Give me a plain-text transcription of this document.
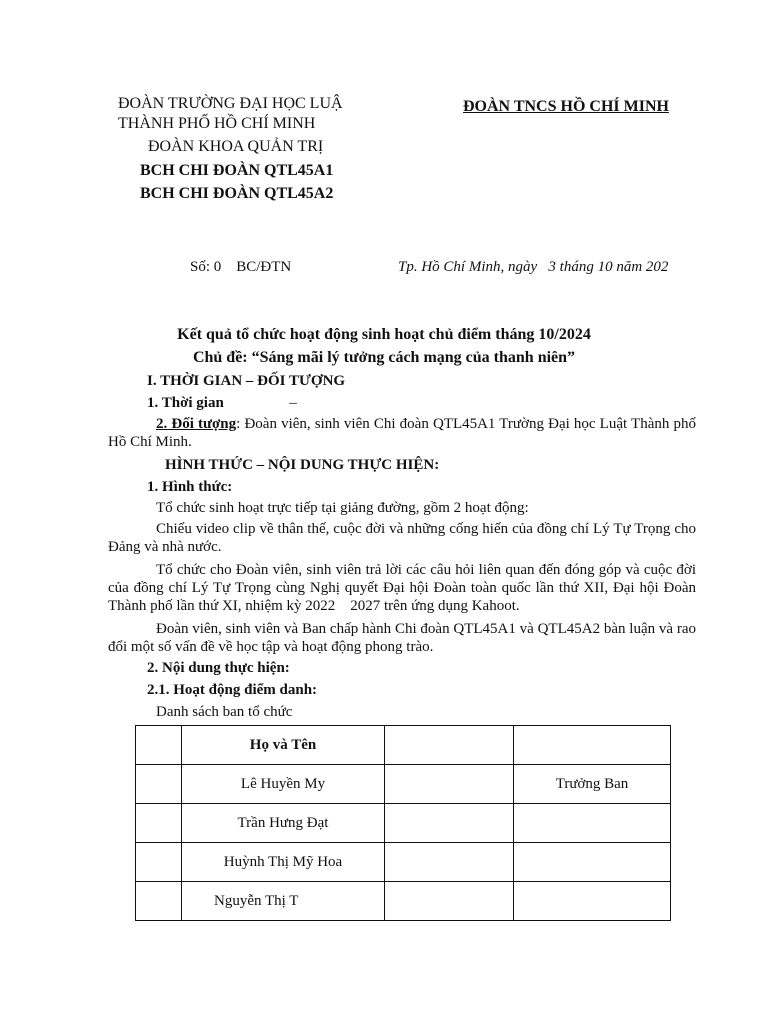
ĐOÀN TRƯỜNG ĐẠI HỌC LUẬ
THÀNH PHỐ HỒ CHÍ MINH
ĐOÀN KHOA QUẢN TRỊ
BCH CHI ĐOÀN QTL45A1
BCH CHI ĐOÀN QTL45A2
ĐOÀN TNCS HỒ CHÍ MINH
Số: 0    BC/ĐTN	Tp. Hồ Chí Minh, ngày   3 tháng 10 năm 202
Kết quả tổ chức hoạt động sinh hoạt chủ điểm tháng 10/2024
Chủ đề: “Sáng mãi lý tưởng cách mạng của thanh niên”
I. THỜI GIAN – ĐỐI TƯỢNG
1. Thời gian	–
2. Đối tượng: Đoàn viên, sinh viên Chi đoàn QTL45A1 Trường Đại học Luật Thành phố Hồ Chí Minh.
HÌNH THỨC – NỘI DUNG THỰC HIỆN:
1. Hình thức:
Tổ chức sinh hoạt trực tiếp tại giảng đường, gồm 2 hoạt động:
Chiếu video clip về thân thế, cuộc đời và những cống hiến của đồng chí Lý Tự Trọng cho Đảng và nhà nước.
Tổ chức cho Đoàn viên, sinh viên trả lời các câu hỏi liên quan đến đóng góp và cuộc đời của đồng chí Lý Tự Trọng cùng Nghị quyết Đại hội Đoàn toàn quốc lần thứ XII, Đại hội Đoàn Thành phố lần thứ XI, nhiệm kỳ 2022    2027 trên ứng dụng Kahoot.
Đoàn viên, sinh viên và Ban chấp hành Chi đoàn QTL45A1 và QTL45A2 bàn luận và rao đổi một số vấn đề về học tập và hoạt động phong trào.
2. Nội dung thực hiện:
2.1. Hoạt động điểm danh:
Danh sách ban tổ chức
	Họ và Tên		
	Lê Huyền My		Trưởng Ban
	Trần Hưng Đạt		
	Huỳnh Thị Mỹ Hoa		
	Nguyễn Thị T		
